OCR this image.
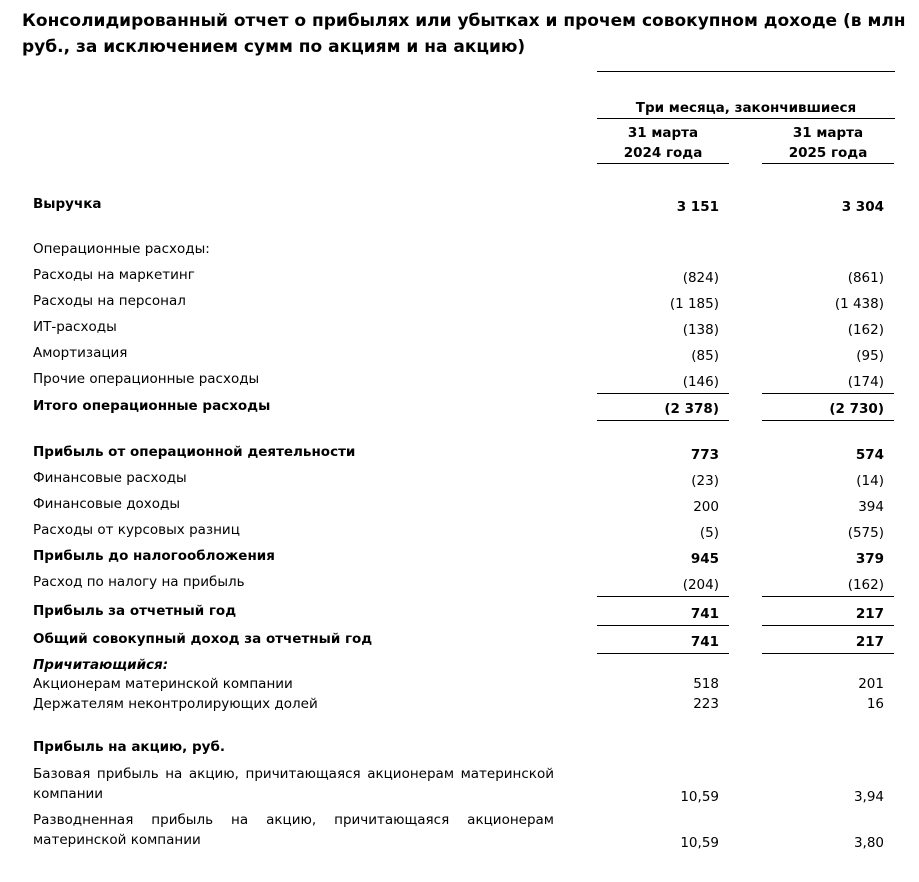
Консолидированный отчет о прибылях или убытках и прочем совокупном доходе (в млн руб., за исключением сумм по акциям и на акцию)
Три месяца, закончившиеся
31 марта
2024 года
31 марта
2025 года
Выручка	3 151	3 304
Операционные расходы:
Расходы на маркетинг	(824)	(861)
Расходы на персонал	(1 185)	(1 438)
ИТ-расходы	(138)	(162)
Амортизация	(85)	(95)
Прочие операционные расходы	(146)	(174)
Итого операционные расходы	(2 378)	(2 730)
Прибыль от операционной деятельности	773	574
Финансовые расходы	(23)	(14)
Финансовые доходы	200	394
Расходы от курсовых разниц	(5)	(575)
Прибыль до налогообложения	945	379
Расход по налогу на прибыль	(204)	(162)
Прибыль за отчетный год	741	217
Общий совокупный доход за отчетный год	741	217
Причитающийся:
Акционерам материнской компании	518	201
Держателям неконтролирующих долей	223	16
Прибыль на акцию, руб.

Базовая прибыль на акцию, причитающаяся акционерам материнской компании	10,59	3,94

Разводненная прибыль на акцию, причитающаяся акционерам материнской компании	10,59	3,80
